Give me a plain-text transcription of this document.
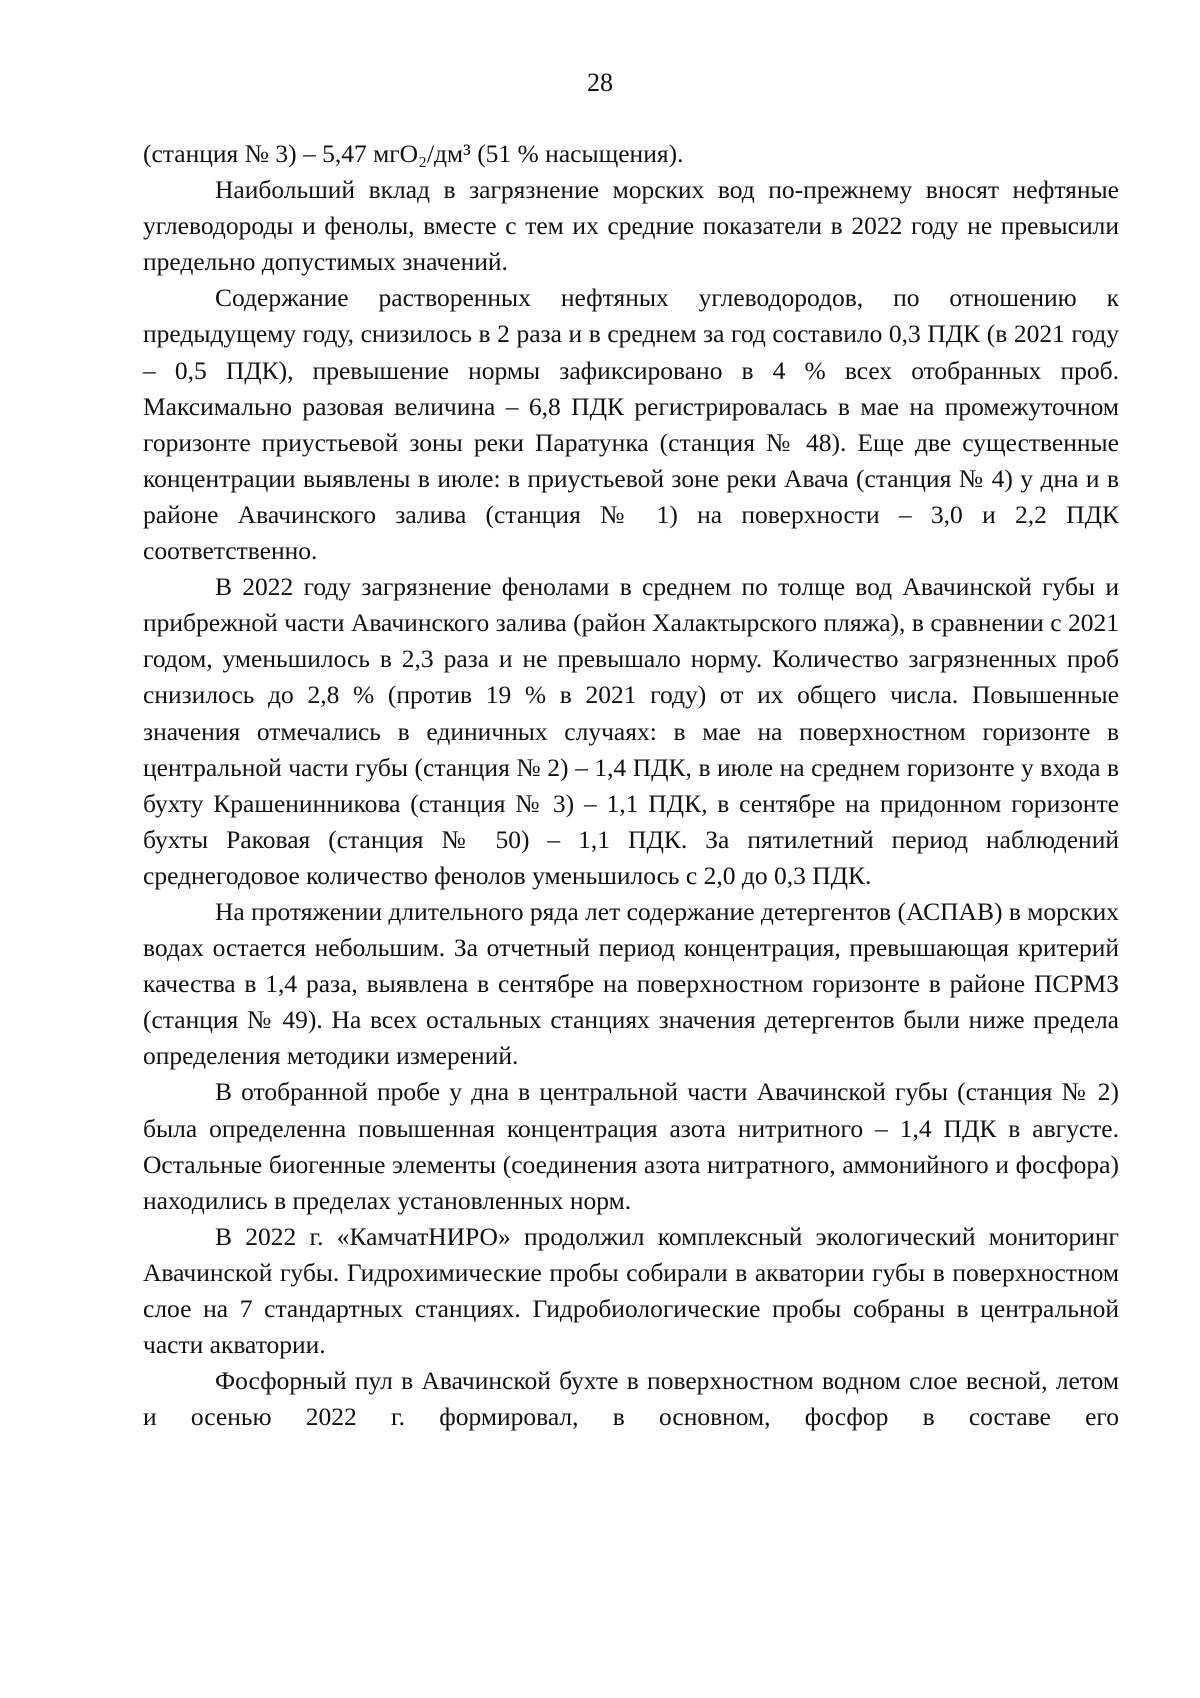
28

(станция № 3) – 5,47 мгО₂/дм³ (51 % насыщения).

Наибольший вклад в загрязнение морских вод по-прежнему вносят нефтяные углеводороды и фенолы, вместе с тем их средние показатели в 2022 году не превысили предельно допустимых значений.

Содержание растворенных нефтяных углеводородов, по отношению к предыдущему году, снизилось в 2 раза и в среднем за год составило 0,3 ПДК (в 2021 году – 0,5 ПДК), превышение нормы зафиксировано в 4 % всех отобранных проб. Максимально разовая величина – 6,8 ПДК регистрировалась в мае на промежуточном горизонте приустьевой зоны реки Паратунка (станция № 48). Еще две существенные концентрации выявлены в июле: в приустьевой зоне реки Авача (станция № 4) у дна и в районе Авачинского залива (станция № 1) на поверхности – 3,0 и 2,2 ПДК соответственно.

В 2022 году загрязнение фенолами в среднем по толще вод Авачинской губы и прибрежной части Авачинского залива (район Халактырского пляжа), в сравнении с 2021 годом, уменьшилось в 2,3 раза и не превышало норму. Количество загрязненных проб снизилось до 2,8 % (против 19 % в 2021 году) от их общего числа. Повышенные значения отмечались в единичных случаях: в мае на поверхностном горизонте в центральной части губы (станция № 2) – 1,4 ПДК, в июле на среднем горизонте у входа в бухту Крашенинникова (станция № 3) – 1,1 ПДК, в сентябре на придонном горизонте бухты Раковая (станция № 50) – 1,1 ПДК. За пятилетний период наблюдений среднегодовое количество фенолов уменьшилось с 2,0 до 0,3 ПДК.

На протяжении длительного ряда лет содержание детергентов (АСПАВ) в морских водах остается небольшим. За отчетный период концентрация, превышающая критерий качества в 1,4 раза, выявлена в сентябре на поверхностном горизонте в районе ПСРМЗ (станция № 49). На всех остальных станциях значения детергентов были ниже предела определения методики измерений.

В отобранной пробе у дна в центральной части Авачинской губы (станция № 2) была определенна повышенная концентрация азота нитритного – 1,4 ПДК в августе. Остальные биогенные элементы (соединения азота нитратного, аммонийного и фосфора) находились в пределах установленных норм.

В 2022 г. «КамчатНИРО» продолжил комплексный экологический мониторинг Авачинской губы. Гидрохимические пробы собирали в акватории губы в поверхностном слое на 7 стандартных станциях. Гидробиологические пробы собраны в центральной части акватории.

Фосфорный пул в Авачинской бухте в поверхностном водном слое весной, летом и осенью 2022 г. формировал, в основном, фосфор в составе его
